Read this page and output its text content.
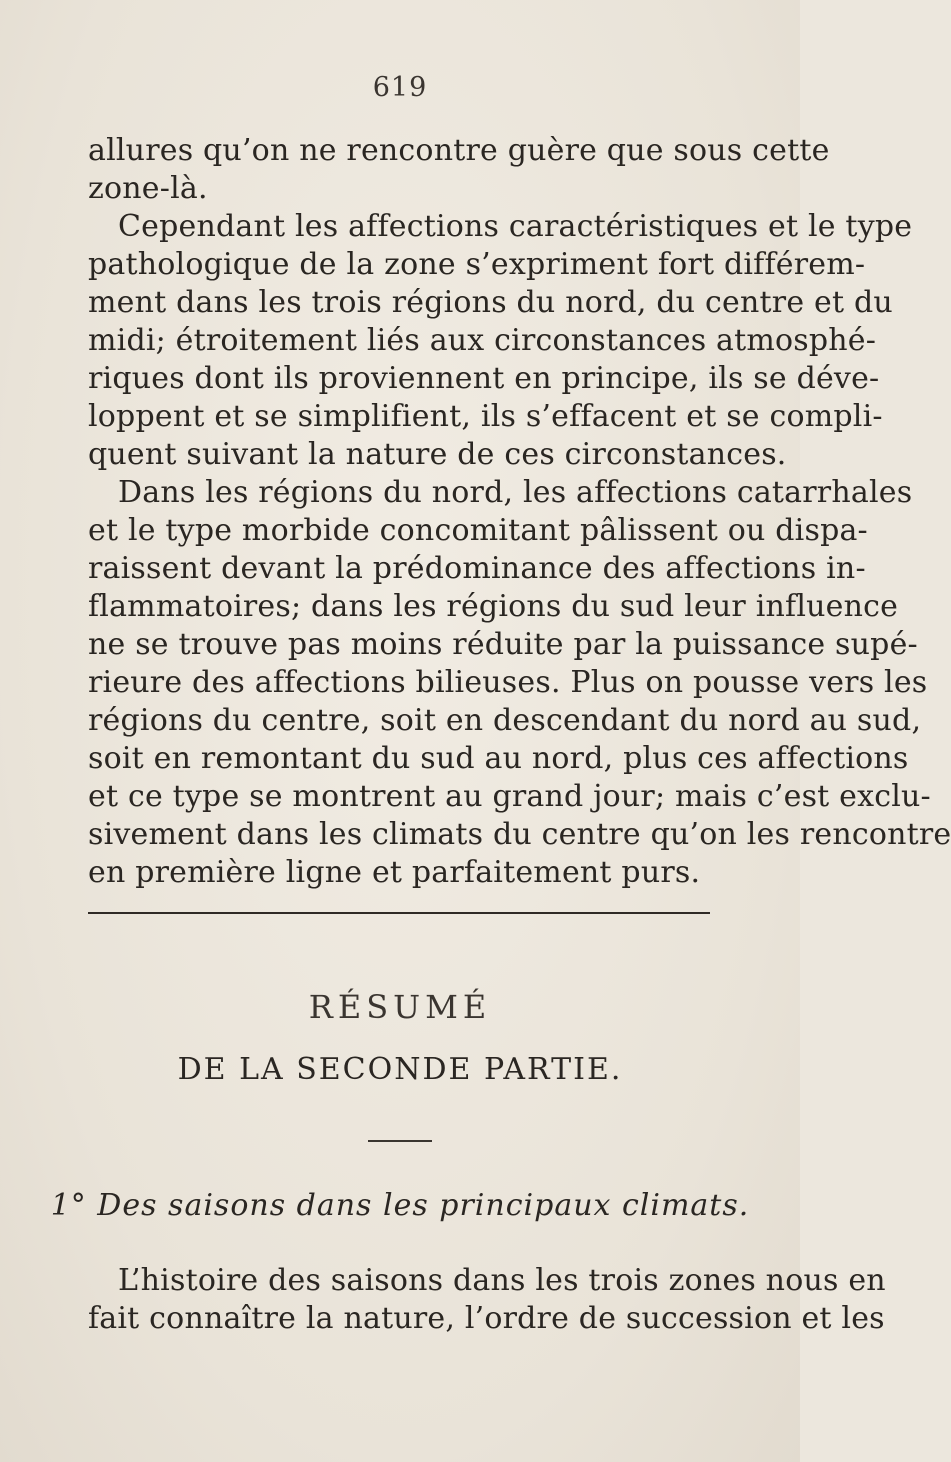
619
allures qu’on ne rencontre guère que sous cette
zone-là.
Cependant les affections caractéristiques et le type
pathologique de la zone s’expriment fort différem-
ment dans les trois régions du nord, du centre et du
midi; étroitement liés aux circonstances atmosphé-
riques dont ils proviennent en principe, ils se déve-
loppent et se simplifient, ils s’effacent et se compli-
quent suivant la nature de ces circonstances.
Dans les régions du nord, les affections catarrhales
et le type morbide concomitant pâlissent ou dispa-
raissent devant la prédominance des affections in-
flammatoires; dans les régions du sud leur influence
ne se trouve pas moins réduite par la puissance supé-
rieure des affections bilieuses. Plus on pousse vers les
régions du centre, soit en descendant du nord au sud,
soit en remontant du sud au nord, plus ces affections
et ce type se montrent au grand jour; mais c’est exclu-
sivement dans les climats du centre qu’on les rencontre
en première ligne et parfaitement purs.
RÉSUMÉ
DE LA SECONDE PARTIE.
1° Des saisons dans les principaux climats.
L’histoire des saisons dans les trois zones nous en
fait connaître la nature, l’ordre de succession et les
